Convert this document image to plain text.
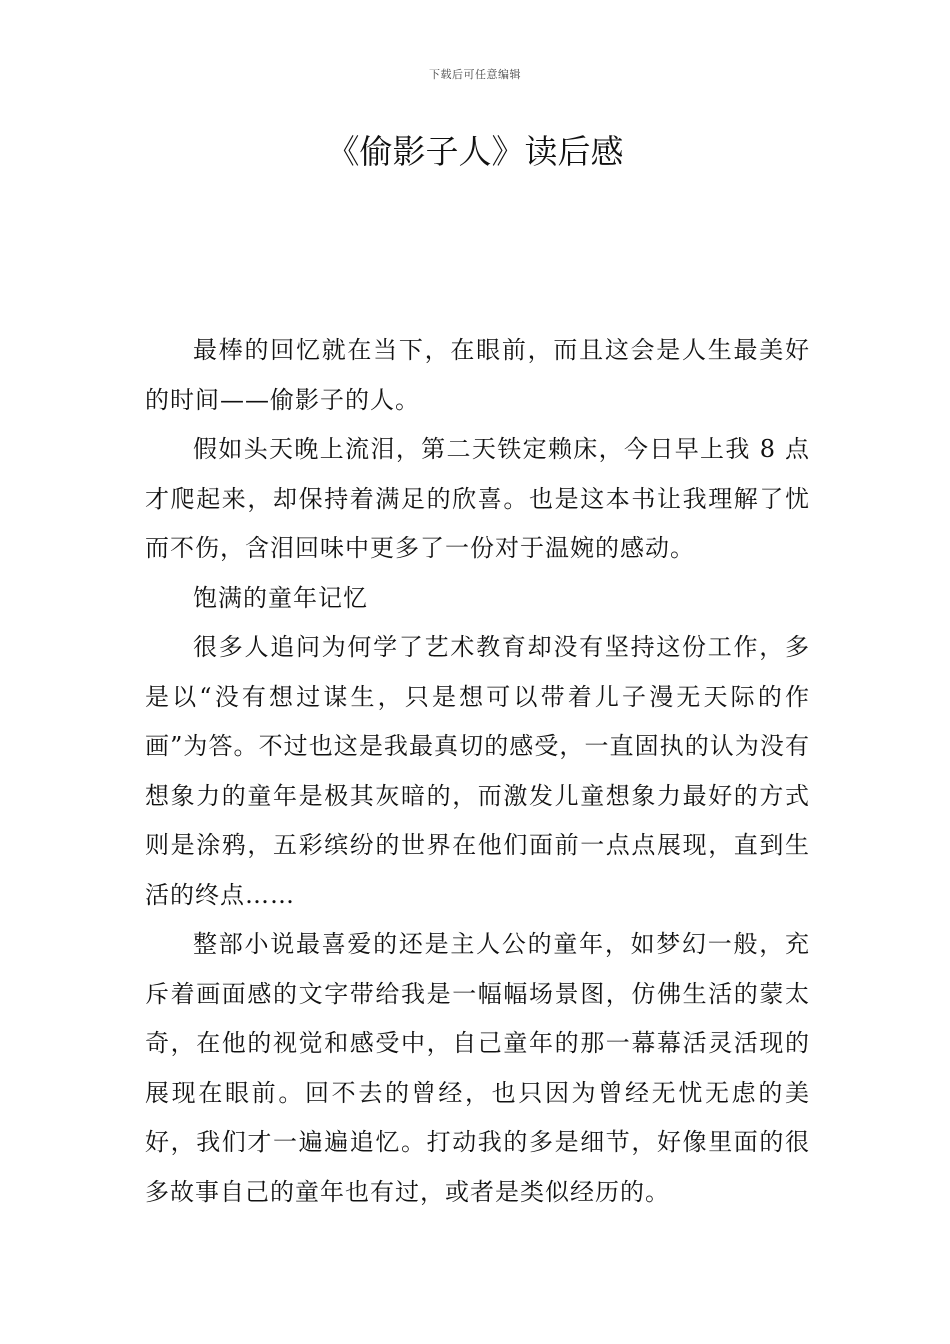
下载后可任意编辑
《偷影子人》读后感

最棒的回忆就在当下，在眼前，而且这会是人生最美好的时间——偷影子的人。

假如头天晚上流泪，第二天铁定赖床，今日早上我 8 点才爬起来，却保持着满足的欣喜。也是这本书让我理解了忧而不伤，含泪回味中更多了一份对于温婉的感动。

饱满的童年记忆

很多人追问为何学了艺术教育却没有坚持这份工作，多是以“没有想过谋生，只是想可以带着儿子漫无天际的作画”为答。不过也这是我最真切的感受，一直固执的认为没有想象力的童年是极其灰暗的，而激发儿童想象力最好的方式则是涂鸦，五彩缤纷的世界在他们面前一点点展现，直到生活的终点……

整部小说最喜爱的还是主人公的童年，如梦幻一般，充斥着画面感的文字带给我是一幅幅场景图，仿佛生活的蒙太奇，在他的视觉和感受中，自己童年的那一幕幕活灵活现的展现在眼前。回不去的曾经，也只因为曾经无忧无虑的美好，我们才一遍遍追忆。打动我的多是细节，好像里面的很多故事自己的童年也有过，或者是类似经历的。
